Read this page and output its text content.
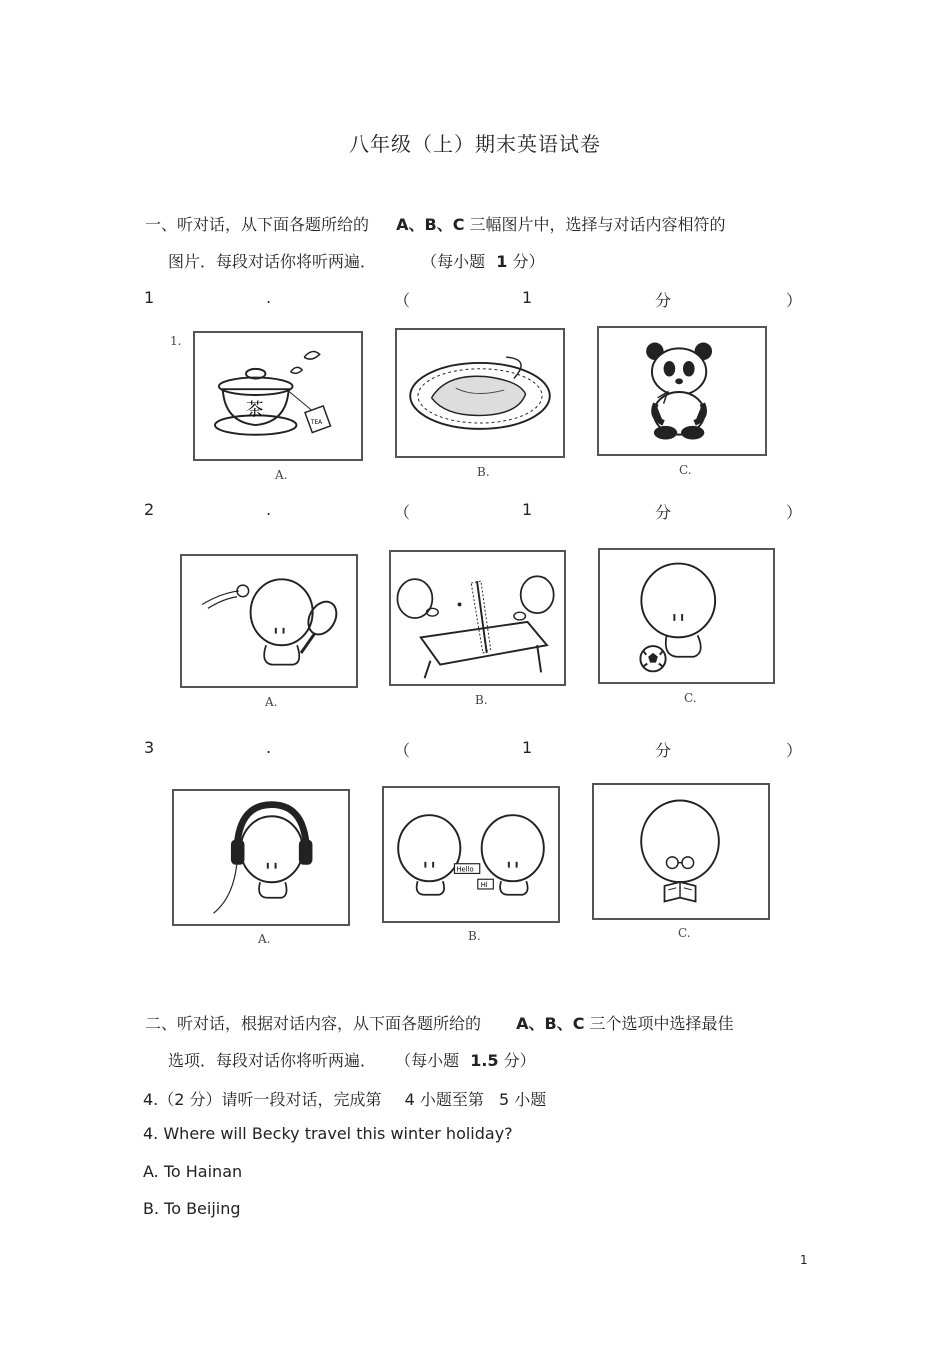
八年级（上）期末英语试卷
一、听对话，从下面各题所给的 A、B、C 三幅图片中，选择与对话内容相符的
图片．每段对话你将听两遍．	（每小题 1 分）
1	.	（	1	分	）
1.
茶
TEA
A.	B.	C.
2	.	（	1	分	）
A.	B.	C.
3	.	（	1	分	）
A.
Hello
Hi
B.	C.
二、听对话，根据对话内容，从下面各题所给的 A、B、C 三个选项中选择最佳
选项．每段对话你将听两遍． （每小题 1.5 分）
4.（2 分）请听一段对话，完成第 4 小题至第 5 小题
4. Where will Becky travel this winter holiday?
A. To Hainan
B. To Beijing
1
